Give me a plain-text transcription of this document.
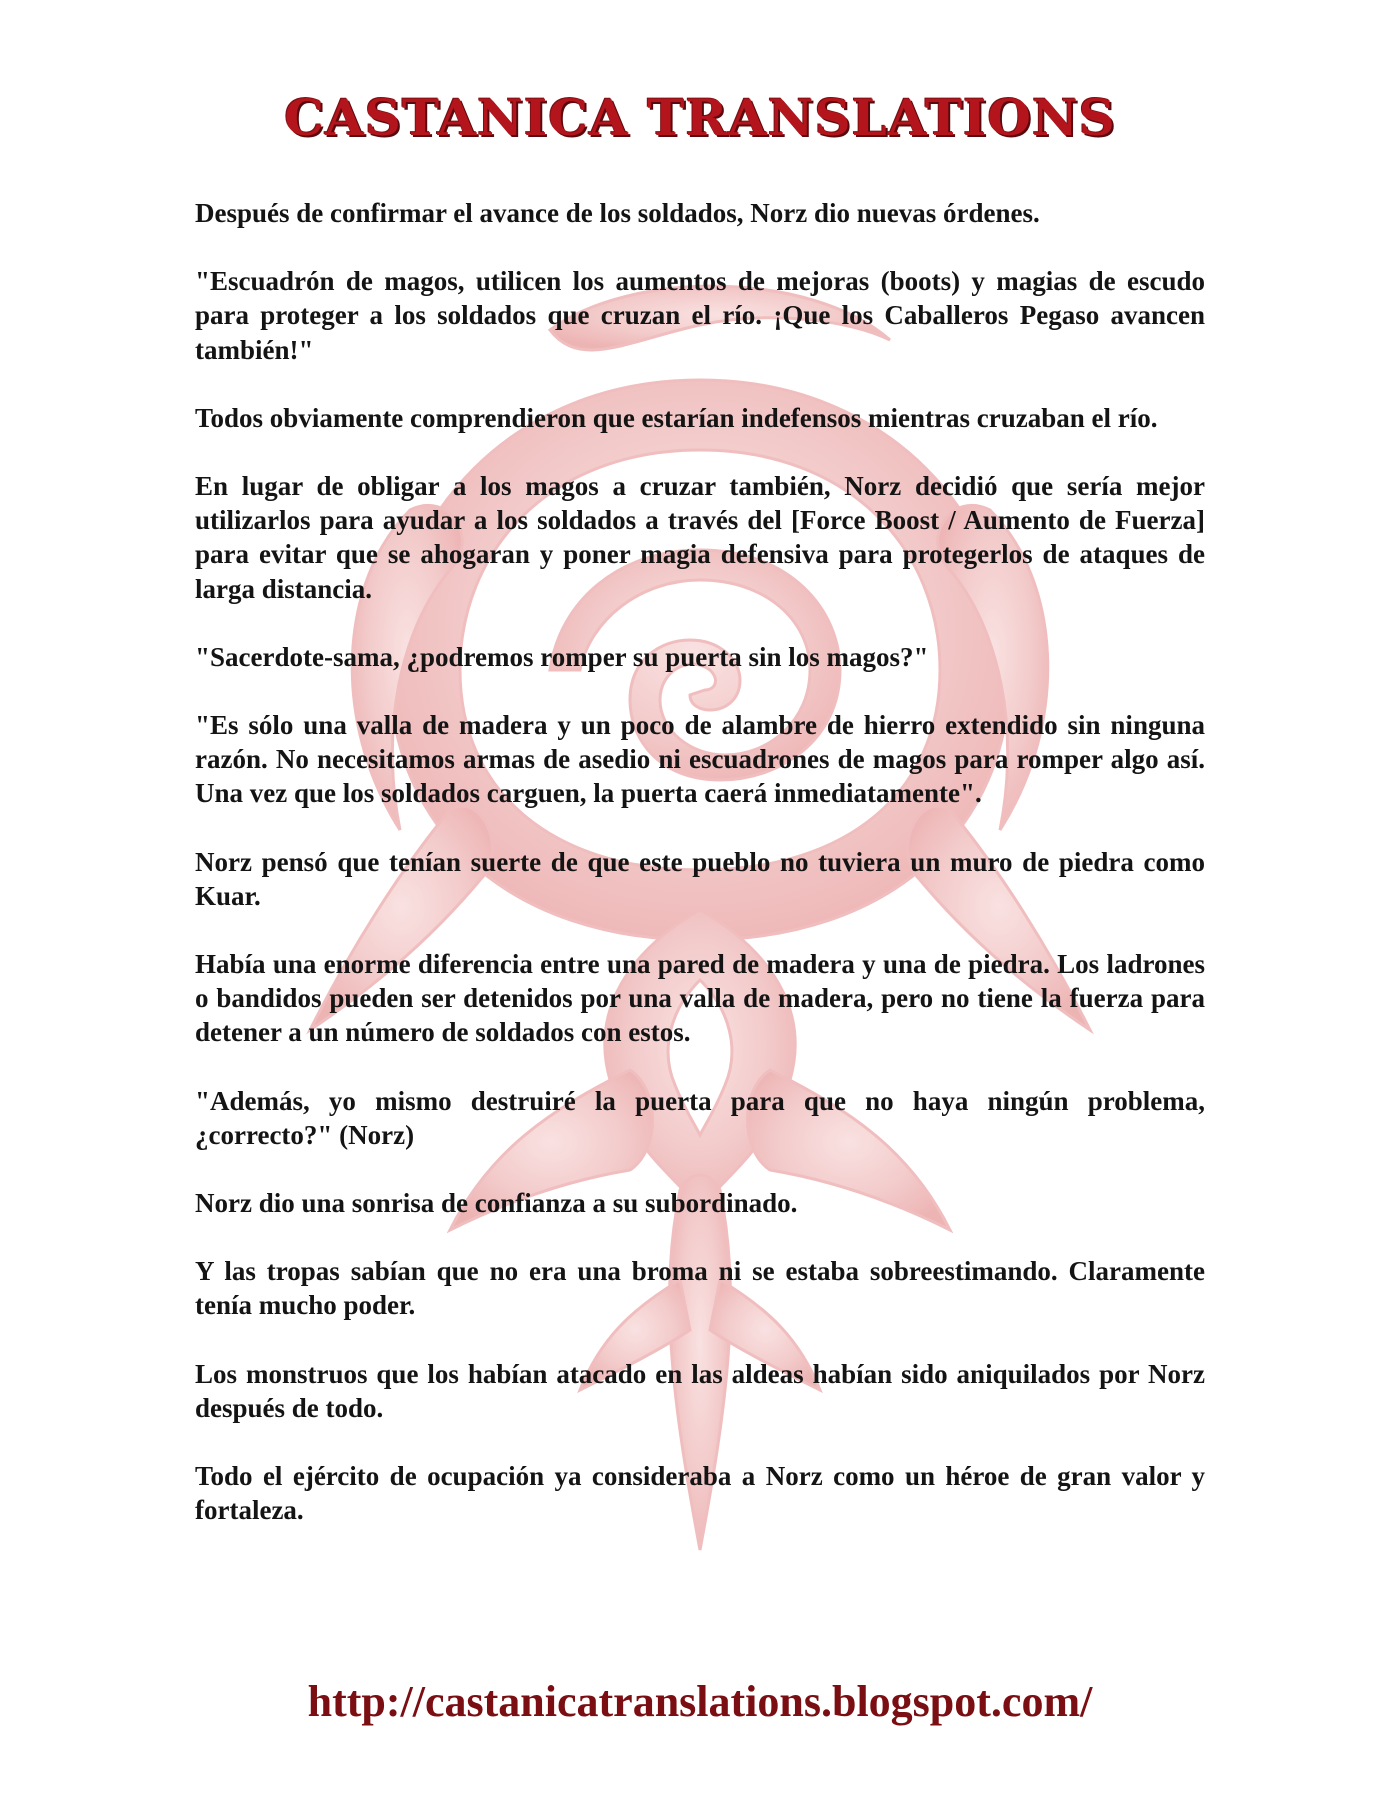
CASTANICA TRANSLATIONS

Después de confirmar el avance de los soldados, Norz dio nuevas órdenes.

"Escuadrón de magos, utilicen los aumentos de mejoras (boots) y magias de escudo para proteger a los soldados que cruzan el río. ¡Que los Caballeros Pegaso avancen también!"

Todos obviamente comprendieron que estarían indefensos mientras cruzaban el río.

En lugar de obligar a los magos a cruzar también, Norz decidió que sería mejor utilizarlos para ayudar a los soldados a través del [Force Boost / Aumento de Fuerza] para evitar que se ahogaran y poner magia defensiva para protegerlos de ataques de larga distancia.

"Sacerdote-sama, ¿podremos romper su puerta sin los magos?"

"Es sólo una valla de madera y un poco de alambre de hierro extendido sin ninguna razón. No necesitamos armas de asedio ni escuadrones de magos para romper algo así. Una vez que los soldados carguen, la puerta caerá inmediatamente".

Norz pensó que tenían suerte de que este pueblo no tuviera un muro de piedra como Kuar.

Había una enorme diferencia entre una pared de madera y una de piedra. Los ladrones o bandidos pueden ser detenidos por una valla de madera, pero no tiene la fuerza para detener a un número de soldados con estos.

"Además, yo mismo destruiré la puerta para que no haya ningún problema, ¿correcto?" (Norz)

Norz dio una sonrisa de confianza a su subordinado.

Y las tropas sabían que no era una broma ni se estaba sobreestimando. Claramente tenía mucho poder.

Los monstruos que los habían atacado en las aldeas habían sido aniquilados por Norz después de todo.

Todo el ejército de ocupación ya consideraba a Norz como un héroe de gran valor y fortaleza.

http://castanicatranslations.blogspot.com/
